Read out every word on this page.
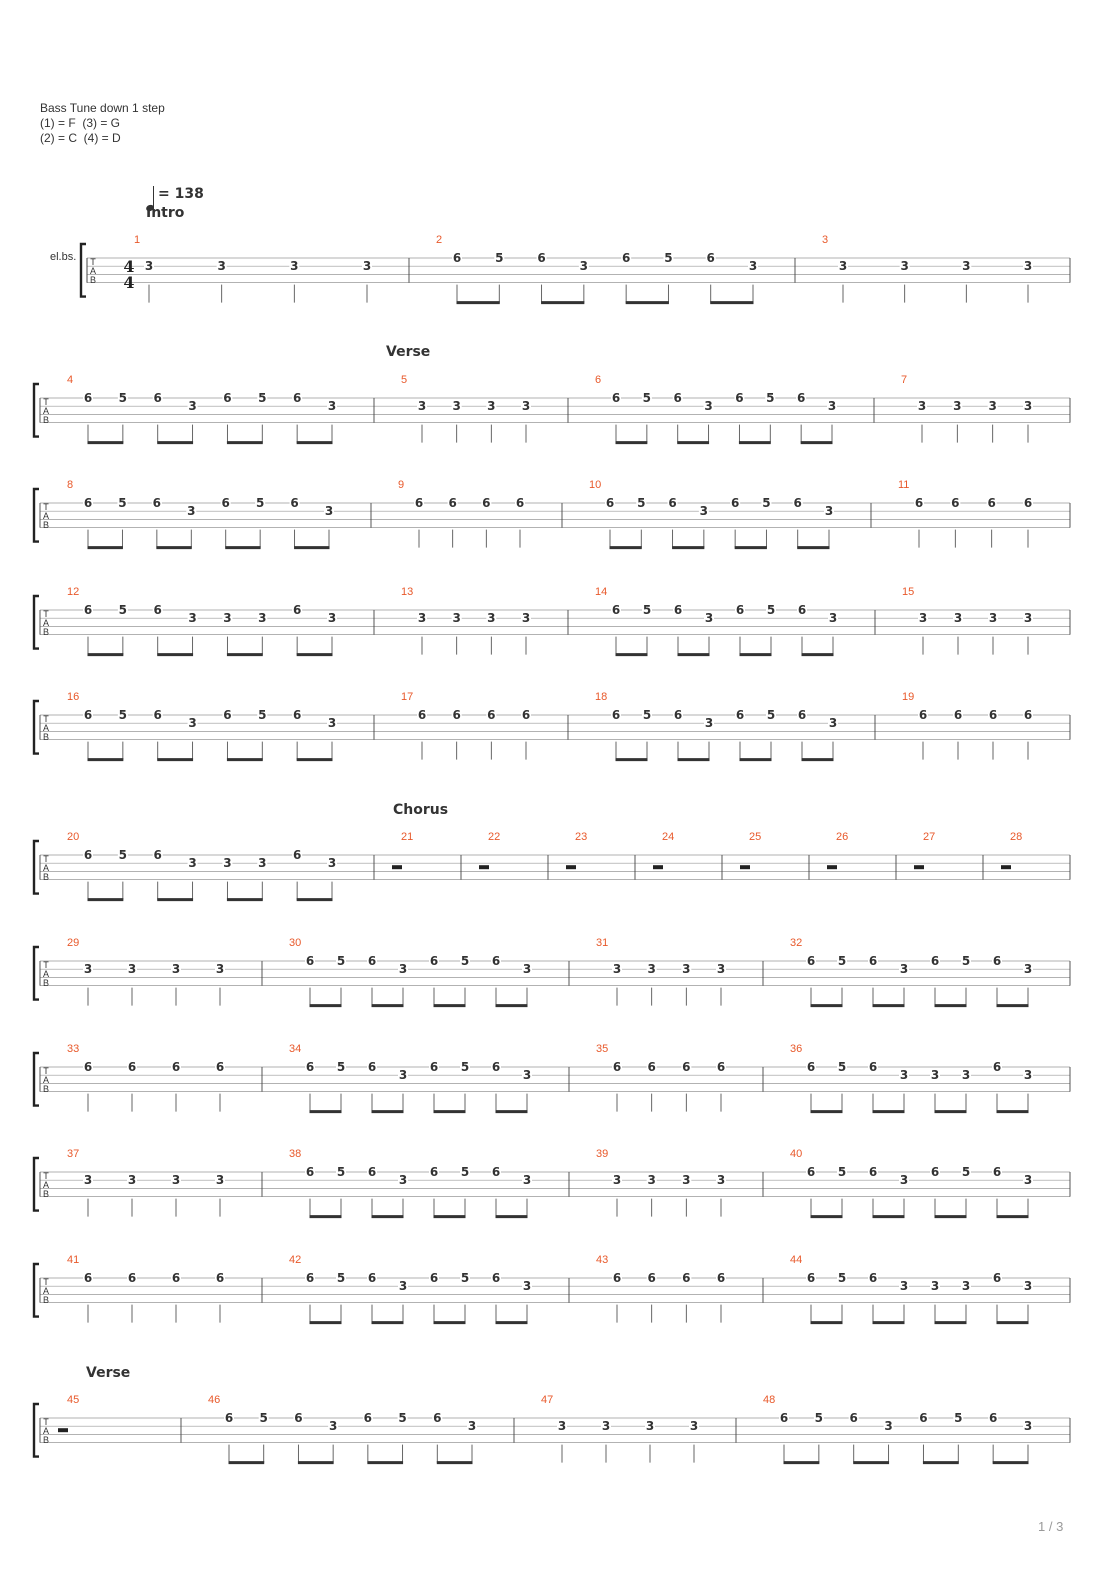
Bass Tune down 1 step
(1) = F  (3) = G
(2) = C  (4) = D
= 138
Intro
Verse
Chorus
Verse
el.bs. T
A
B
4
4
1
3	3	3	3
2
6	5	6
3
6	5	6
3
3
3	3	3	3
T
A
B
4
6 5 6
3
6 5 6
3
5
3 3 3 3
6
6 5 6
3
6 5 6
3
7
3 3 3 3
T
A
B
8
6 5 6
3
6 5 6
3
9
6 6 6 6
10
6 5 6
3
6 5 6
3
11
6 6 6 6
T
A
B
12
6 5 6
3 3 3
6
3
13
3 3 3 3
14
6 5 6
3
6 5 6
3
15
3 3 3 3
T
A
B
16
6 5 6
3
6 5 6
3
17
6 6 6 6
18
6 5 6
3
6 5 6
3
19
6 6 6 6
T
A
B
20
6 5 6
3 3 3
6
3
21	22	23	24	25	26	27	28
T
A
B
29
3	3	3	3
30
6 5 6
3
6 5 6
3
31
3 3 3 3
32
6 5 6
3
6 5 6
3
T
A
B
33
6	6	6	6
34
6 5 6
3
6 5 6
3
35
6 6 6 6
36
6 5 6
3 3 3
6
3
T
A
B
37
3	3	3	3
38
6 5 6
3
6 5 6
3
39
3 3 3 3
40
6 5 6
3
6 5 6
3
T
A
B
41
6	6	6	6
42
6 5 6
3
6 5 6
3
43
6 6 6 6
44
6 5 6
3 3 3
6
3
T
A
B
45	46
6 5 6
3
6 5 6
3
47
3	3	3	3
48
6 5 6
3
6 5 6
3
1 / 3
